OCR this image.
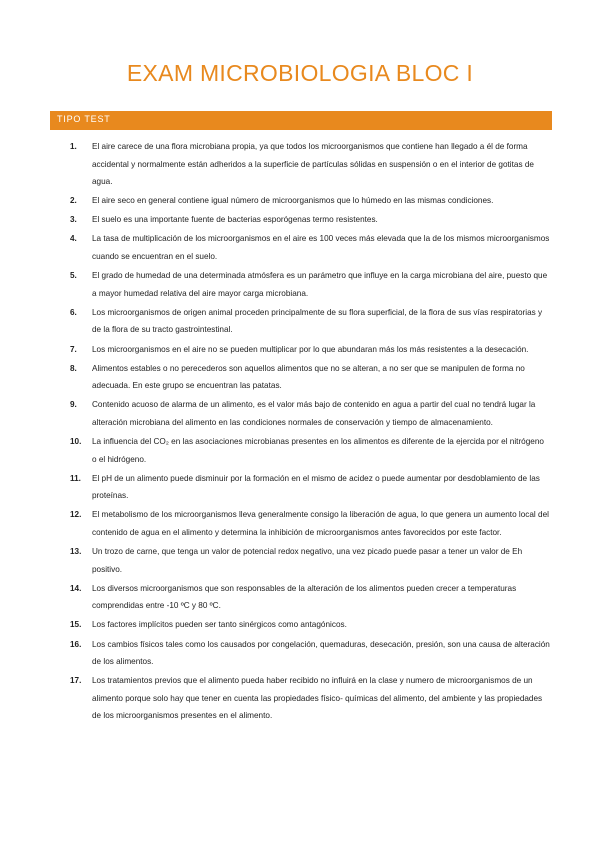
EXAM MICROBIOLOGIA BLOC I
TIPO TEST
1. El aire carece de una flora microbiana propia, ya que todos los microorganismos que contiene han llegado a él de forma accidental y normalmente están adheridos a la superficie de partículas sólidas en suspensión o en el interior de gotitas de agua.
2. El aire seco en general contiene igual número de microorganismos que lo húmedo en las mismas condiciones.
3. El suelo es una importante fuente de bacterias esporógenas termo resistentes.
4. La tasa de multiplicación de los microorganismos en el aire es 100 veces más elevada que la de los mismos microorganismos cuando se encuentran en el suelo.
5. El grado de humedad de una determinada atmósfera es un parámetro que influye en la carga microbiana del aire, puesto que a mayor humedad relativa del aire mayor carga microbiana.
6. Los microorganismos de origen animal proceden principalmente de su flora superficial, de la flora de sus vías respiratorias y de la flora de su tracto gastrointestinal.
7. Los microorganismos en el aire no se pueden multiplicar por lo que abundaran más los más resistentes a la desecación.
8. Alimentos estables o no perecederos son aquellos alimentos que no se alteran, a no ser que se manipulen de forma no adecuada. En este grupo se encuentran las patatas.
9. Contenido acuoso de alarma de un alimento, es el valor más bajo de contenido en agua a partir del cual no tendrá lugar la alteración microbiana del alimento en las condiciones normales de conservación y tiempo de almacenamiento.
10. La influencia del CO₂ en las asociaciones microbianas presentes en los alimentos es diferente de la ejercida por el nitrógeno o el hidrógeno.
11. El pH de un alimento puede disminuir por la formación en el mismo de acidez o puede aumentar por desdoblamiento de las proteínas.
12. El metabolismo de los microorganismos lleva generalmente consigo la liberación de agua, lo que genera un aumento local del contenido de agua en el alimento y determina la inhibición de microorganismos antes favorecidos por este factor.
13. Un trozo de carne, que tenga un valor de potencial redox negativo, una vez picado puede pasar a tener un valor de Eh positivo.
14. Los diversos microorganismos que son responsables de la alteración de los alimentos pueden crecer a temperaturas comprendidas entre -10 ºC y 80 ºC.
15. Los factores implícitos pueden ser tanto sinérgicos como antagónicos.
16. Los cambios físicos tales como los causados por congelación, quemaduras, desecación, presión, son una causa de alteración de los alimentos.
17. Los tratamientos previos que el alimento pueda haber recibido no influirá en la clase y numero de microorganismos de un alimento porque solo hay que tener en cuenta las propiedades físico- químicas del alimento, del ambiente y las propiedades de los microorganismos presentes en el alimento.
